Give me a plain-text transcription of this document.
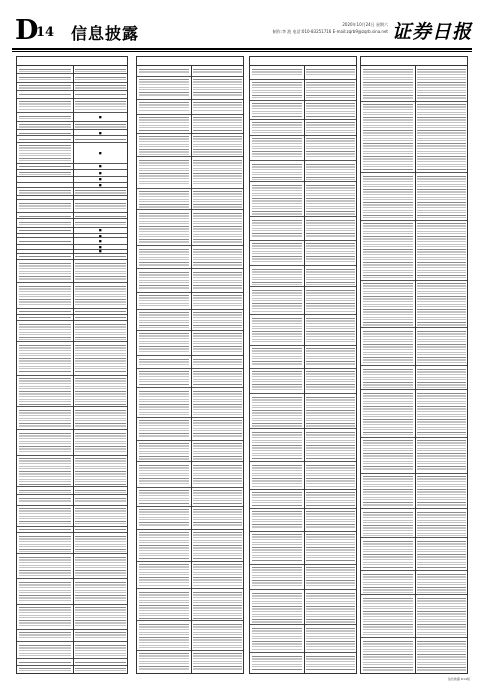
D
14 信息披露	2020年10月24日 星期六
制作:李 波 电话:010-83251716 E-mail:zqrb9@zqrb.sina.net 证券日报
■
■
■
■
■
■
■
■
■
■
■
■
信息披露 D14版
